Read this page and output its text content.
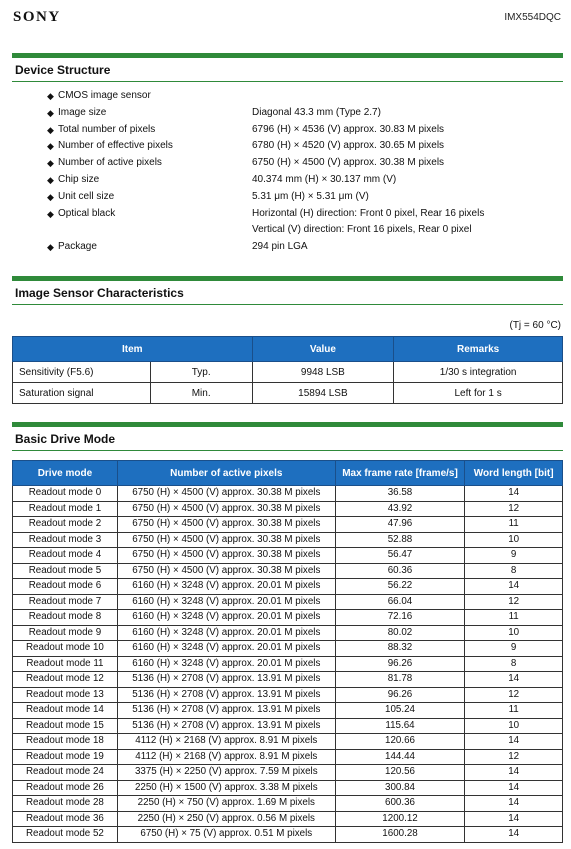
SONY	IMX554DQC
Device Structure
◆ CMOS image sensor
◆ Image size	Diagonal 43.3 mm (Type 2.7)
◆ Total number of pixels	6796 (H) × 4536 (V) approx. 30.83 M pixels
◆ Number of effective pixels	6780 (H) × 4520 (V) approx. 30.65 M pixels
◆ Number of active pixels	6750 (H) × 4500 (V) approx. 30.38 M pixels
◆ Chip size	40.374 mm (H) × 30.137 mm (V)
◆ Unit cell size	5.31 μm (H) × 5.31 μm (V)
◆ Optical black	Horizontal (H) direction: Front 0 pixel, Rear 16 pixels
Vertical (V) direction: Front 16 pixels, Rear 0 pixel
◆ Package	294 pin LGA
Image Sensor Characteristics
(Tj = 60 °C)
Item		Value	Remarks
Sensitivity (F5.6)	Typ.	9948 LSB	1/30 s integration
Saturation signal	Min.	15894 LSB	Left for 1 s
Basic Drive Mode
Drive mode	Number of active pixels	Max frame rate [frame/s]	Word length [bit]
Readout mode 0	6750 (H) × 4500 (V) approx. 30.38 M pixels	36.58	14
Readout mode 1	6750 (H) × 4500 (V) approx. 30.38 M pixels	43.92	12
Readout mode 2	6750 (H) × 4500 (V) approx. 30.38 M pixels	47.96	11
Readout mode 3	6750 (H) × 4500 (V) approx. 30.38 M pixels	52.88	10
Readout mode 4	6750 (H) × 4500 (V) approx. 30.38 M pixels	56.47	9
Readout mode 5	6750 (H) × 4500 (V) approx. 30.38 M pixels	60.36	8
Readout mode 6	6160 (H) × 3248 (V) approx. 20.01 M pixels	56.22	14
Readout mode 7	6160 (H) × 3248 (V) approx. 20.01 M pixels	66.04	12
Readout mode 8	6160 (H) × 3248 (V) approx. 20.01 M pixels	72.16	11
Readout mode 9	6160 (H) × 3248 (V) approx. 20.01 M pixels	80.02	10
Readout mode 10	6160 (H) × 3248 (V) approx. 20.01 M pixels	88.32	9
Readout mode 11	6160 (H) × 3248 (V) approx. 20.01 M pixels	96.26	8
Readout mode 12	5136 (H) × 2708 (V) approx. 13.91 M pixels	81.78	14
Readout mode 13	5136 (H) × 2708 (V) approx. 13.91 M pixels	96.26	12
Readout mode 14	5136 (H) × 2708 (V) approx. 13.91 M pixels	105.24	11
Readout mode 15	5136 (H) × 2708 (V) approx. 13.91 M pixels	115.64	10
Readout mode 18	4112 (H) × 2168 (V) approx. 8.91 M pixels	120.66	14
Readout mode 19	4112 (H) × 2168 (V) approx. 8.91 M pixels	144.44	12
Readout mode 24	3375 (H) × 2250 (V) approx. 7.59 M pixels	120.56	14
Readout mode 26	2250 (H) × 1500 (V) approx. 3.38 M pixels	300.84	14
Readout mode 28	2250 (H) × 750 (V) approx. 1.69 M pixels	600.36	14
Readout mode 36	2250 (H) × 250 (V) approx. 0.56 M pixels	1200.12	14
Readout mode 52	6750 (H) × 75 (V) approx. 0.51 M pixels	1600.28	14
